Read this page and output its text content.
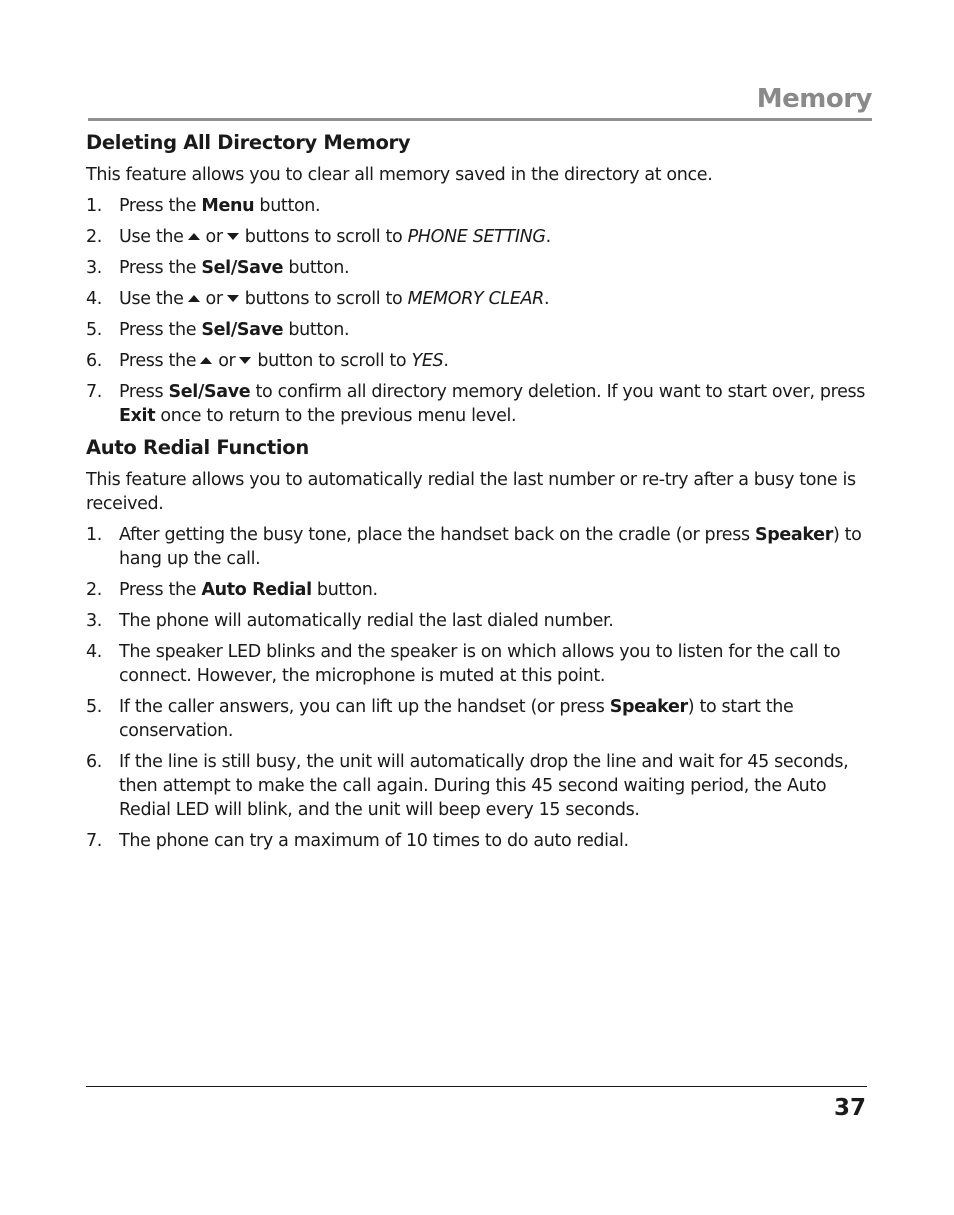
Memory
Deleting All Directory Memory

This feature allows you to clear all memory saved in the directory at once.

1. Press the Menu button.
2. Use the or buttons to scroll to PHONE SETTING.
3. Press the Sel/Save button.
4. Use the or buttons to scroll to MEMORY CLEAR.
5. Press the Sel/Save button.
6. Press the or button to scroll to YES.
7. Press Sel/Save to confirm all directory memory deletion. If you want to start over, press Exit once to return to the previous menu level.
Auto Redial Function

This feature allows you to automatically redial the last number or re-try after a busy tone is received.

1. After getting the busy tone, place the handset back on the cradle (or press Speaker) to hang up the call.
2. Press the Auto Redial button.
3. The phone will automatically redial the last dialed number.
4. The speaker LED blinks and the speaker is on which allows you to listen for the call to connect. However, the microphone is muted at this point.
5. If the caller answers, you can lift up the handset (or press Speaker) to start the conservation.
6. If the line is still busy, the unit will automatically drop the line and wait for 45 seconds, then attempt to make the call again. During this 45 second waiting period, the Auto Redial LED will blink, and the unit will beep every 15 seconds.
7. The phone can try a maximum of 10 times to do auto redial.
37
